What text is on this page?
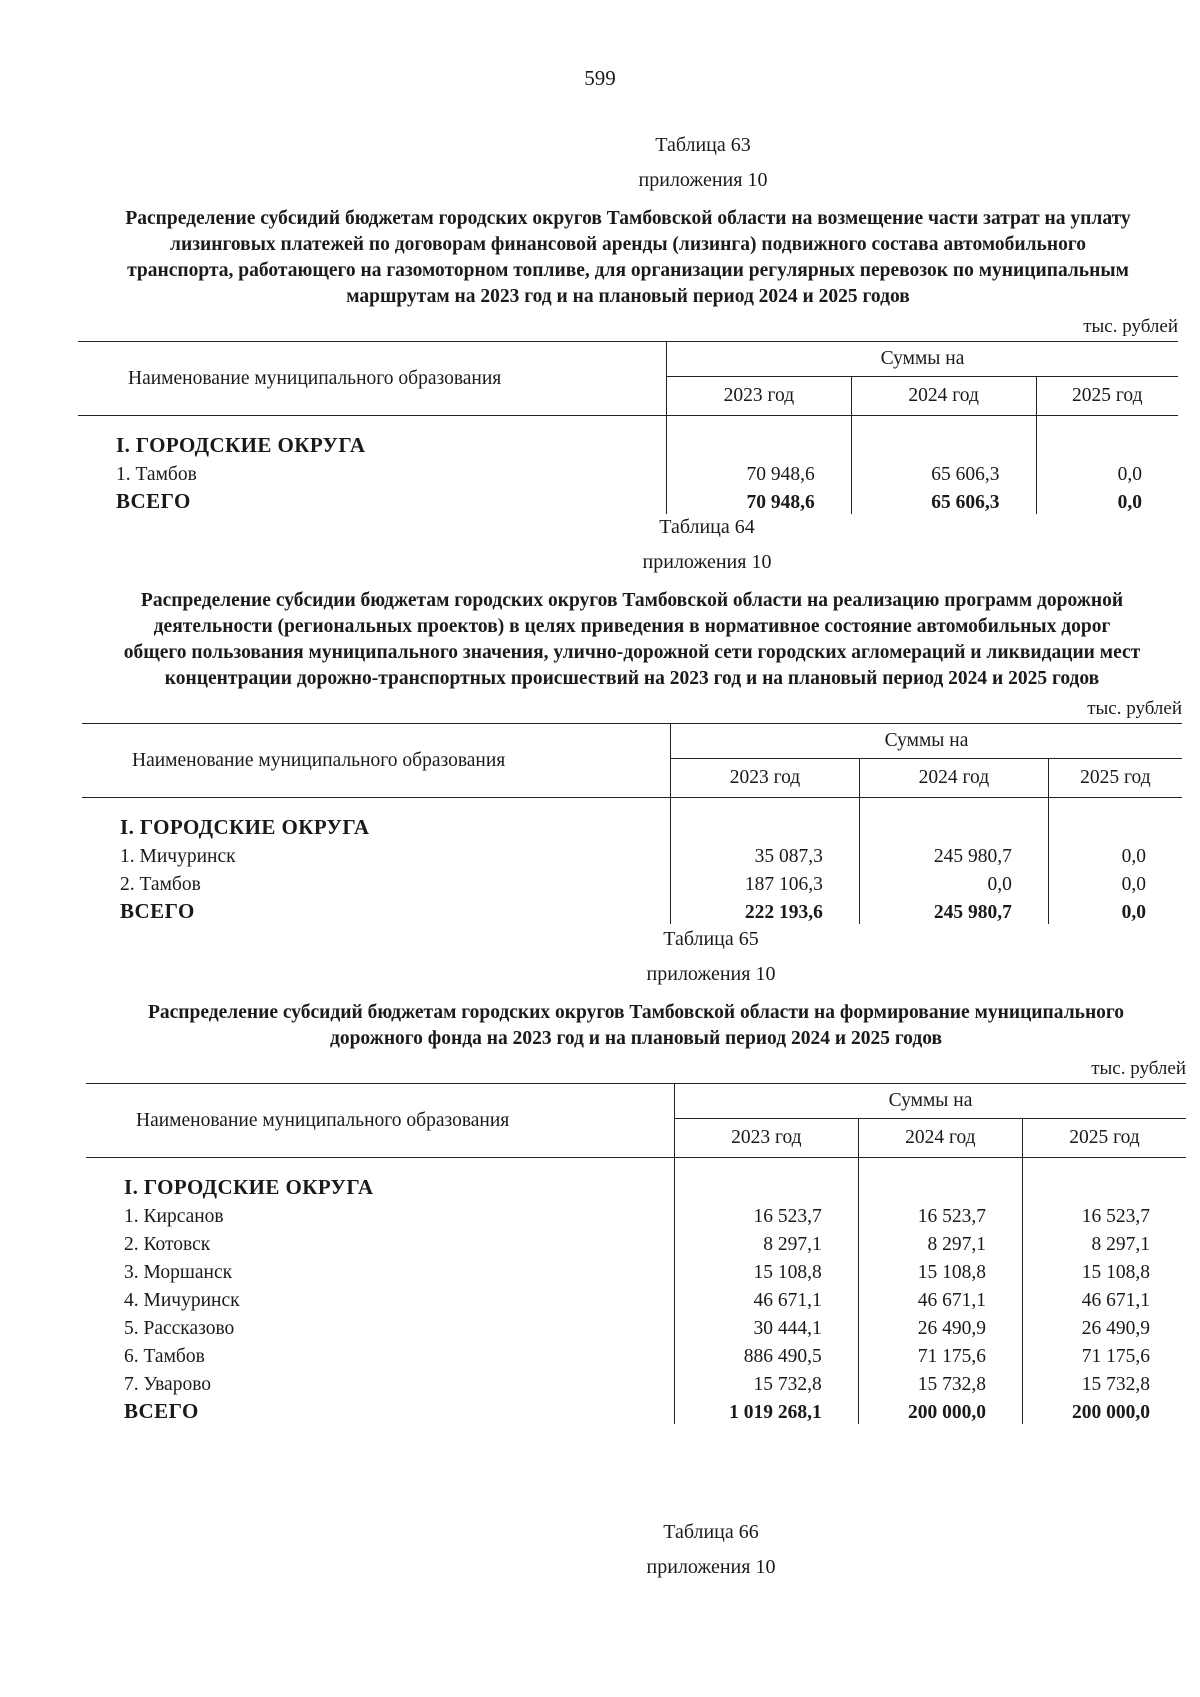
599
Таблица 63
приложения 10
Распределение субсидий бюджетам городских округов Тамбовской области на возмещение части затрат на уплату лизинговых платежей по договорам финансовой аренды (лизинга) подвижного состава автомобильного транспорта, работающего на газомоторном топливе, для организации регулярных перевозок по муниципальным маршрутам на 2023 год и на плановый период 2024 и 2025 годов
тыс. рублей
Наименование муниципального образования	Суммы на		
	2023 год	2024 год	2025 год
I. ГОРОДСКИЕ ОКРУГА			
1. Тамбов	70 948,6	65 606,3	0,0
ВСЕГО	70 948,6	65 606,3	0,0
Таблица 64
приложения 10
Распределение субсидии бюджетам городских округов Тамбовской области на реализацию программ дорожной деятельности (региональных проектов) в целях приведения в нормативное состояние автомобильных дорог общего пользования муниципального значения, улично-дорожной сети городских агломераций и ликвидации мест концентрации дорожно-транспортных происшествий на 2023 год и на плановый период 2024 и 2025 годов
тыс. рублей
Наименование муниципального образования	Суммы на		
	2023 год	2024 год	2025 год
I. ГОРОДСКИЕ ОКРУГА			
1. Мичуринск	35 087,3	245 980,7	0,0
2. Тамбов	187 106,3	0,0	0,0
ВСЕГО	222 193,6	245 980,7	0,0
Таблица 65
приложения 10
Распределение субсидий бюджетам городских округов Тамбовской области на формирование муниципального дорожного фонда на 2023 год и на плановый период 2024 и 2025 годов
тыс. рублей
Наименование муниципального образования	Суммы на		
	2023 год	2024 год	2025 год
I. ГОРОДСКИЕ ОКРУГА			
1. Кирсанов	16 523,7	16 523,7	16 523,7
2. Котовск	8 297,1	8 297,1	8 297,1
3. Моршанск	15 108,8	15 108,8	15 108,8
4. Мичуринск	46 671,1	46 671,1	46 671,1
5. Рассказово	30 444,1	26 490,9	26 490,9
6. Тамбов	886 490,5	71 175,6	71 175,6
7. Уварово	15 732,8	15 732,8	15 732,8
ВСЕГО	1 019 268,1	200 000,0	200 000,0
Таблица 66
приложения 10
